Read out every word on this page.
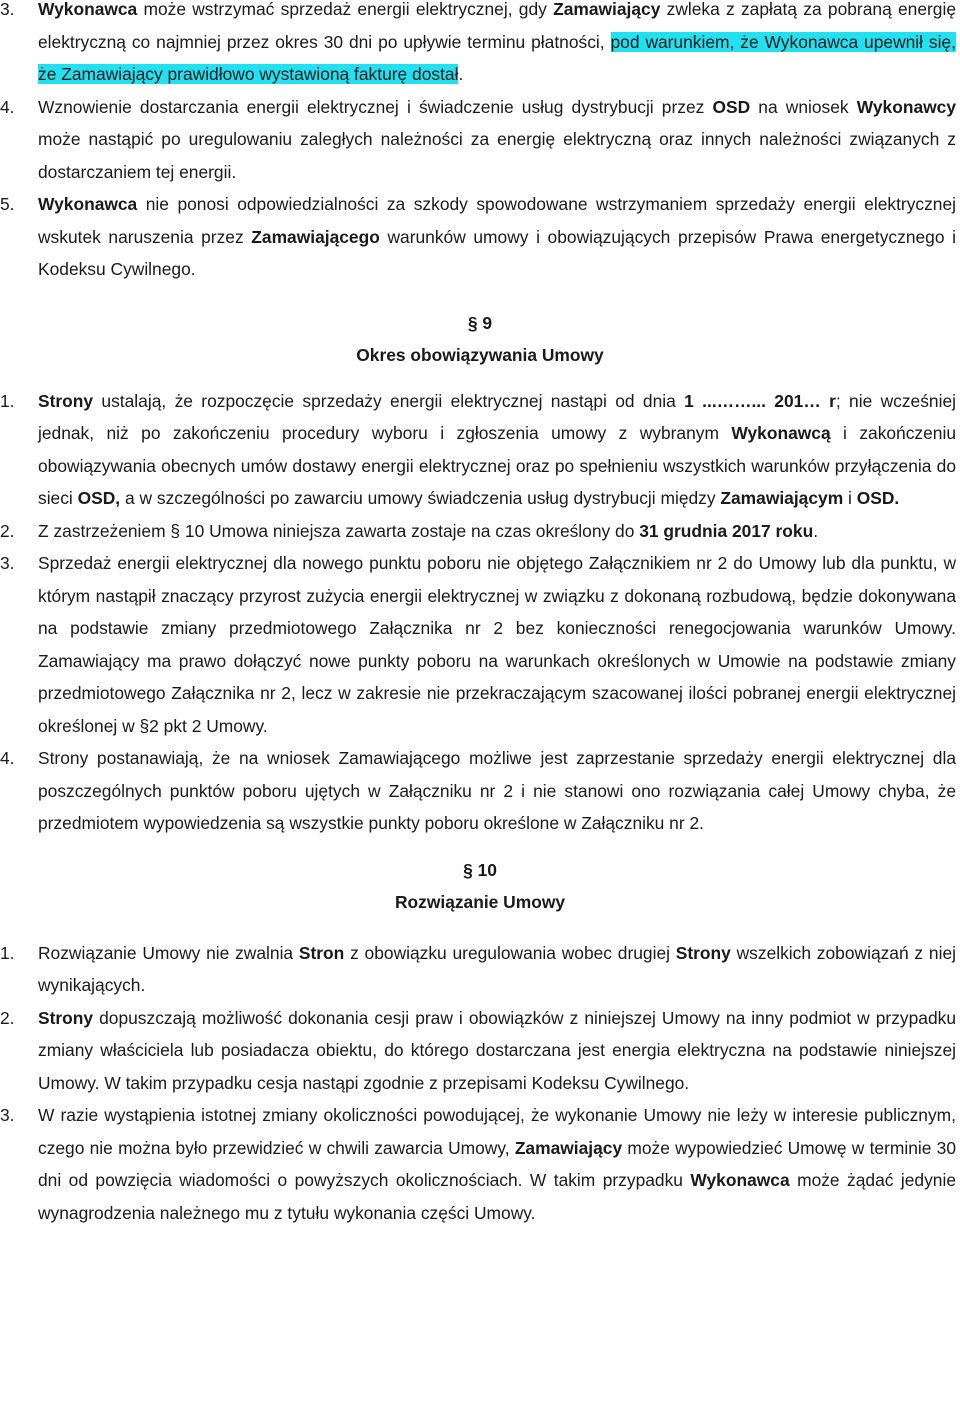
3. Wykonawca może wstrzymać sprzedaż energii elektrycznej, gdy Zamawiający zwleka z zapłatą za pobraną energię elektryczną co najmniej przez okres 30 dni po upływie terminu płatności, pod warunkiem, że Wykonawca upewnił się, że Zamawiający prawidłowo wystawioną fakturę dostał.

4. Wznowienie dostarczania energii elektrycznej i świadczenie usług dystrybucji przez OSD na wniosek Wykonawcy może nastąpić po uregulowaniu zaległych należności za energię elektryczną oraz innych należności związanych z dostarczaniem tej energii.

5. Wykonawca nie ponosi odpowiedzialności za szkody spowodowane wstrzymaniem sprzedaży energii elektrycznej wskutek naruszenia przez Zamawiającego warunków umowy i obowiązujących przepisów Prawa energetycznego i Kodeksu Cywilnego.

§ 9

Okres obowiązywania Umowy

1. Strony ustalają, że rozpoczęcie sprzedaży energii elektrycznej nastąpi od dnia 1 ...……... 201… r; nie wcześniej jednak, niż po zakończeniu procedury wyboru i zgłoszenia umowy z wybranym Wykonawcą i zakończeniu obowiązywania obecnych umów dostawy energii elektrycznej oraz po spełnieniu wszystkich warunków przyłączenia do sieci OSD, a w szczególności po zawarciu umowy świadczenia usług dystrybucji między Zamawiającym i OSD.

2. Z zastrzeżeniem § 10 Umowa niniejsza zawarta zostaje na czas określony do 31 grudnia 2017 roku.

3. Sprzedaż energii elektrycznej dla nowego punktu poboru nie objętego Załącznikiem nr 2 do Umowy lub dla punktu, w którym nastąpił znaczący przyrost zużycia energii elektrycznej w związku z dokonaną rozbudową, będzie dokonywana na podstawie zmiany przedmiotowego Załącznika nr 2 bez konieczności renegocjowania warunków Umowy. Zamawiający ma prawo dołączyć nowe punkty poboru na warunkach określonych w Umowie na podstawie zmiany przedmiotowego Załącznika nr 2, lecz w zakresie nie przekraczającym szacowanej ilości pobranej energii elektrycznej określonej w §2 pkt 2 Umowy.

4. Strony postanawiają, że na wniosek Zamawiającego możliwe jest zaprzestanie sprzedaży energii elektrycznej dla poszczególnych punktów poboru ujętych w Załączniku nr 2 i nie stanowi ono rozwiązania całej Umowy chyba, że przedmiotem wypowiedzenia są wszystkie punkty poboru określone w Załączniku nr 2.

§ 10

Rozwiązanie Umowy

1. Rozwiązanie Umowy nie zwalnia Stron z obowiązku uregulowania wobec drugiej Strony wszelkich zobowiązań z niej wynikających.

2. Strony dopuszczają możliwość dokonania cesji praw i obowiązków z niniejszej Umowy na inny podmiot w przypadku zmiany właściciela lub posiadacza obiektu, do którego dostarczana jest energia elektryczna na podstawie niniejszej Umowy. W takim przypadku cesja nastąpi zgodnie z przepisami Kodeksu Cywilnego.

3. W razie wystąpienia istotnej zmiany okoliczności powodującej, że wykonanie Umowy nie leży w interesie publicznym, czego nie można było przewidzieć w chwili zawarcia Umowy, Zamawiający może wypowiedzieć Umowę w terminie 30 dni od powzięcia wiadomości o powyższych okolicznościach. W takim przypadku Wykonawca może żądać jedynie wynagrodzenia należnego mu z tytułu wykonania części Umowy.
